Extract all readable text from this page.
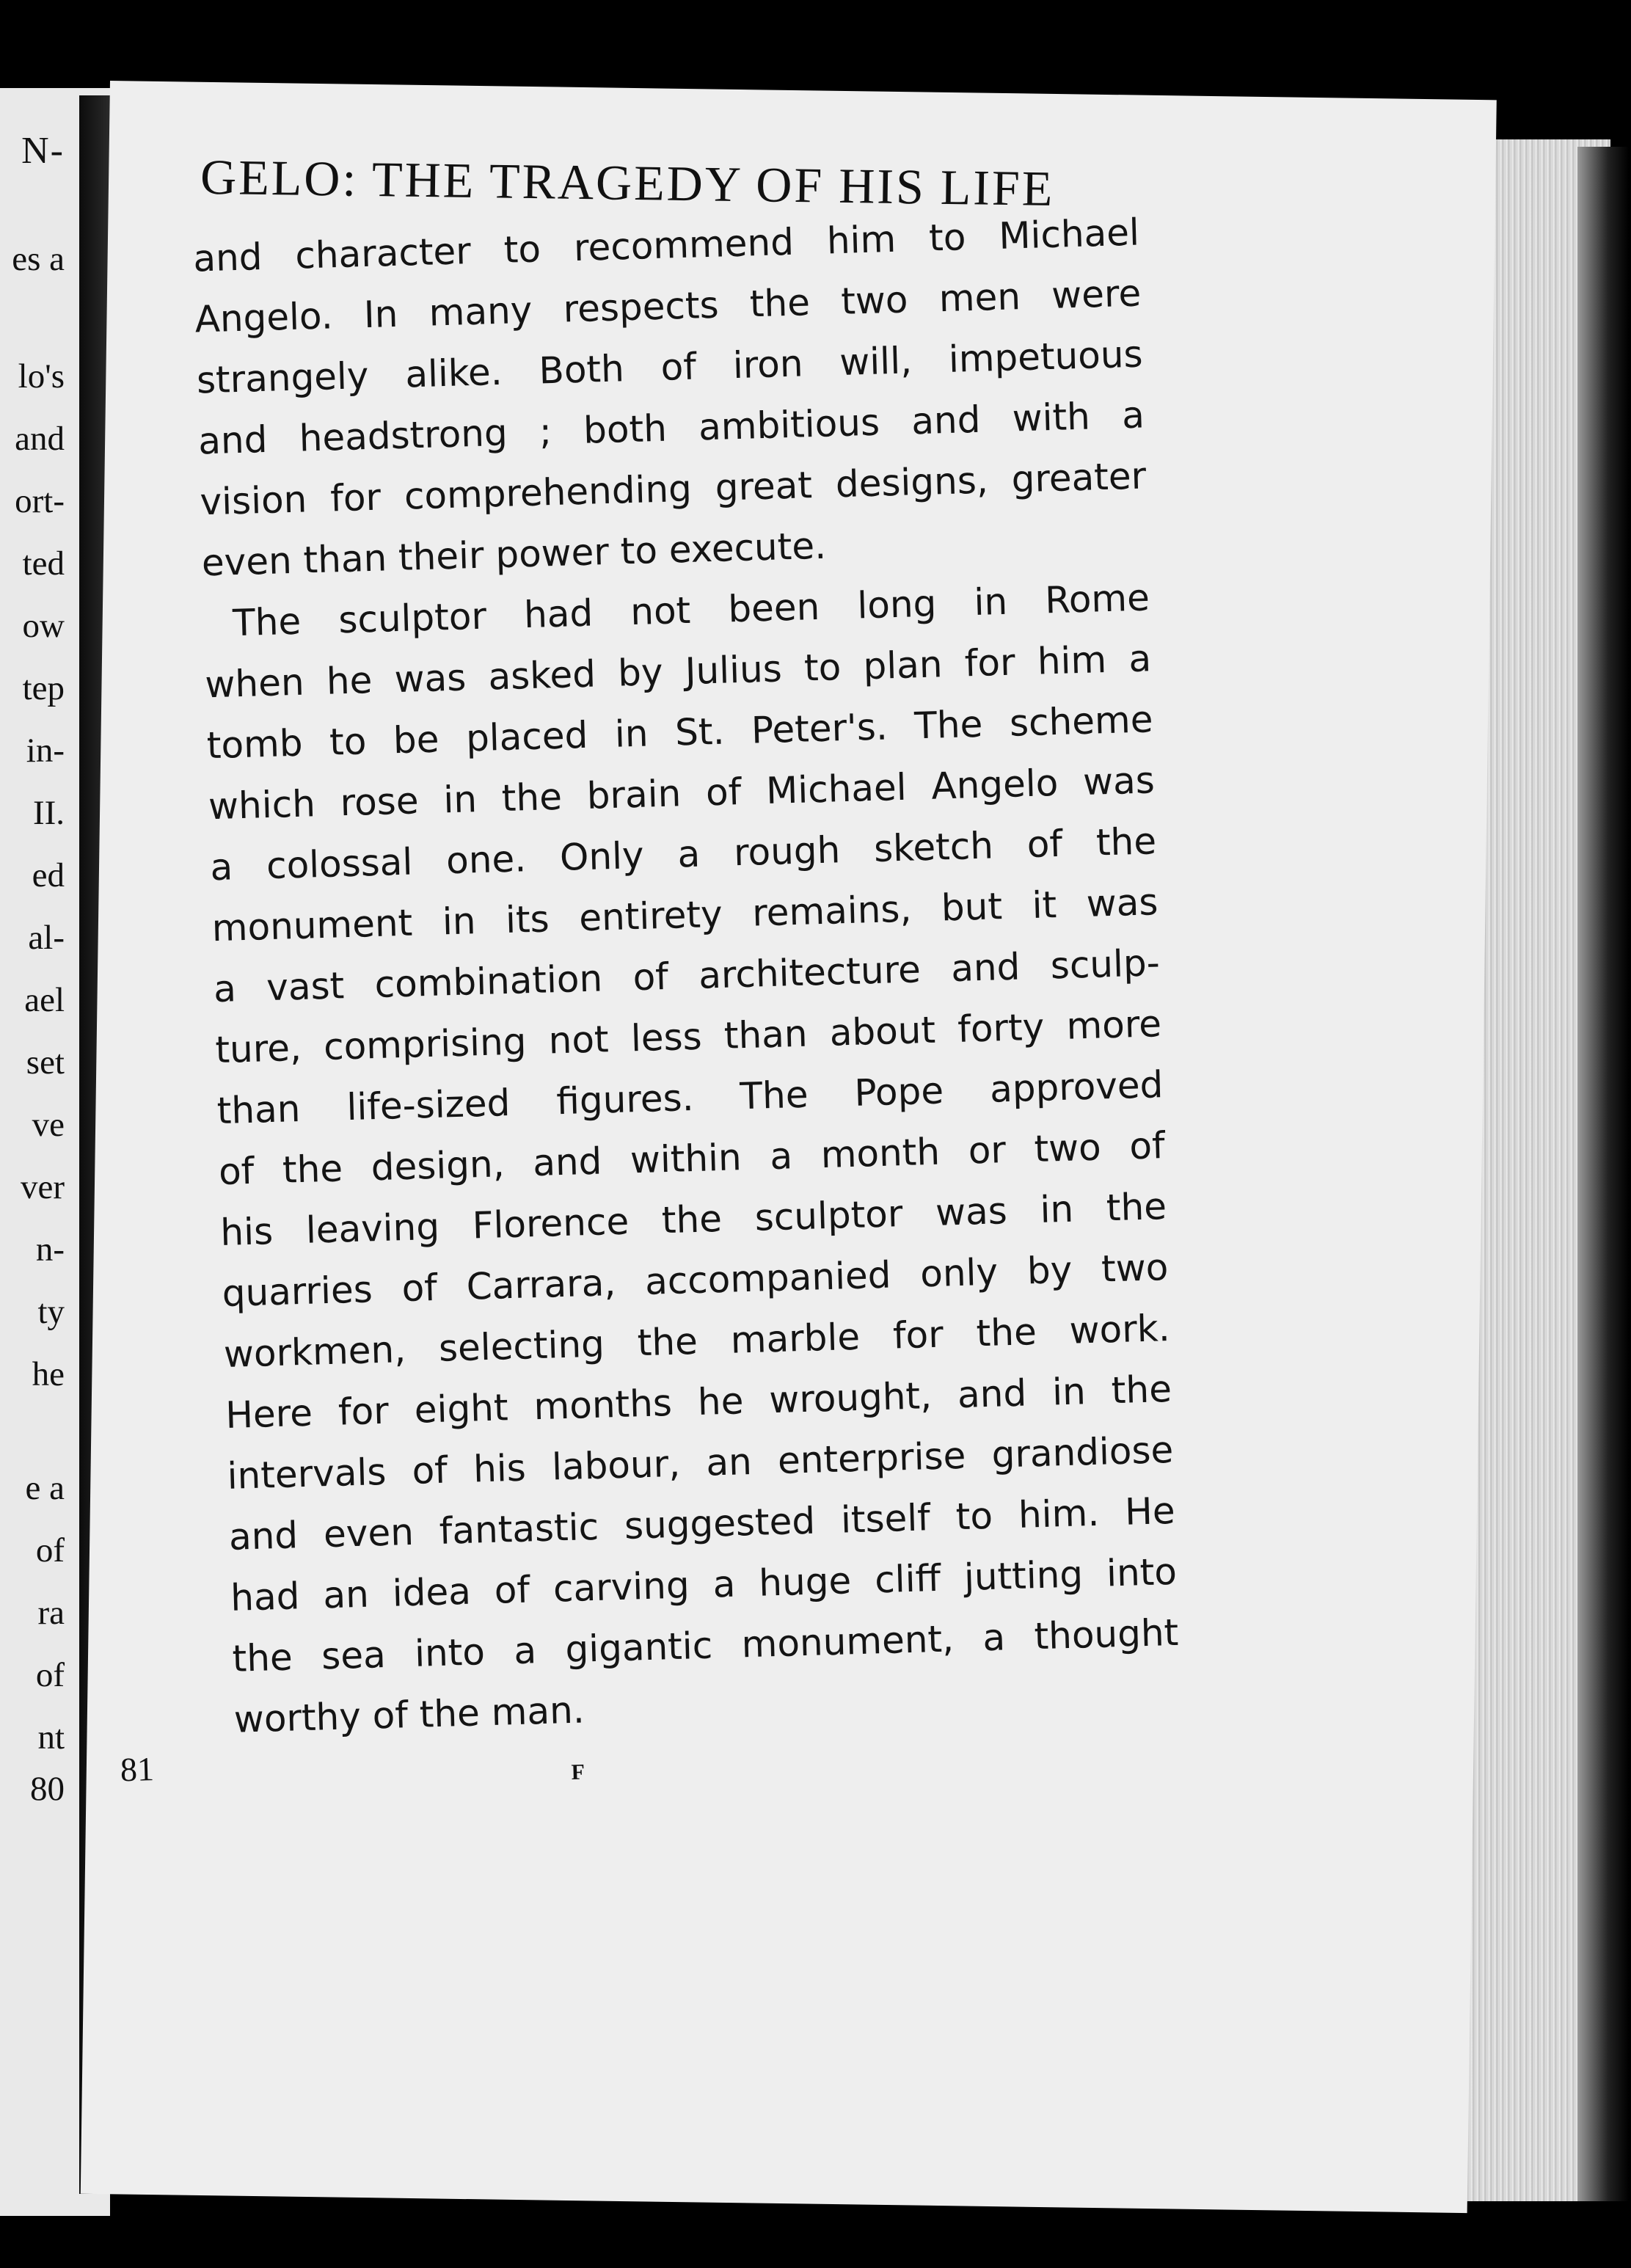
N-
es a
lo's
and
ort-
ted
ow
tep
in-
II.
ed
al-
ael
set
ve
ver
n-
ty
he
e a
of
ra
of
nt
80
GELO: THE TRAGEDY OF HIS LIFE
and character to recommend him to Michael
Angelo. In many respects the two men were
strangely alike. Both of iron will, impetuous
and headstrong ; both ambitious and with a
vision for comprehending great designs, greater
even than their power to execute.
The sculptor had not been long in Rome
when he was asked by Julius to plan for him a
tomb to be placed in St. Peter's. The scheme
which rose in the brain of Michael Angelo was
a colossal one. Only a rough sketch of the
monument in its entirety remains, but it was
a vast combination of architecture and sculp-
ture, comprising not less than about forty more
than life-sized figures. The Pope approved
of the design, and within a month or two of
his leaving Florence the sculptor was in the
quarries of Carrara, accompanied only by two
workmen, selecting the marble for the work.
Here for eight months he wrought, and in the
intervals of his labour, an enterprise grandiose
and even fantastic suggested itself to him. He
had an idea of carving a huge cliff jutting into
the sea into a gigantic monument, a thought
worthy of the man.
81	F
